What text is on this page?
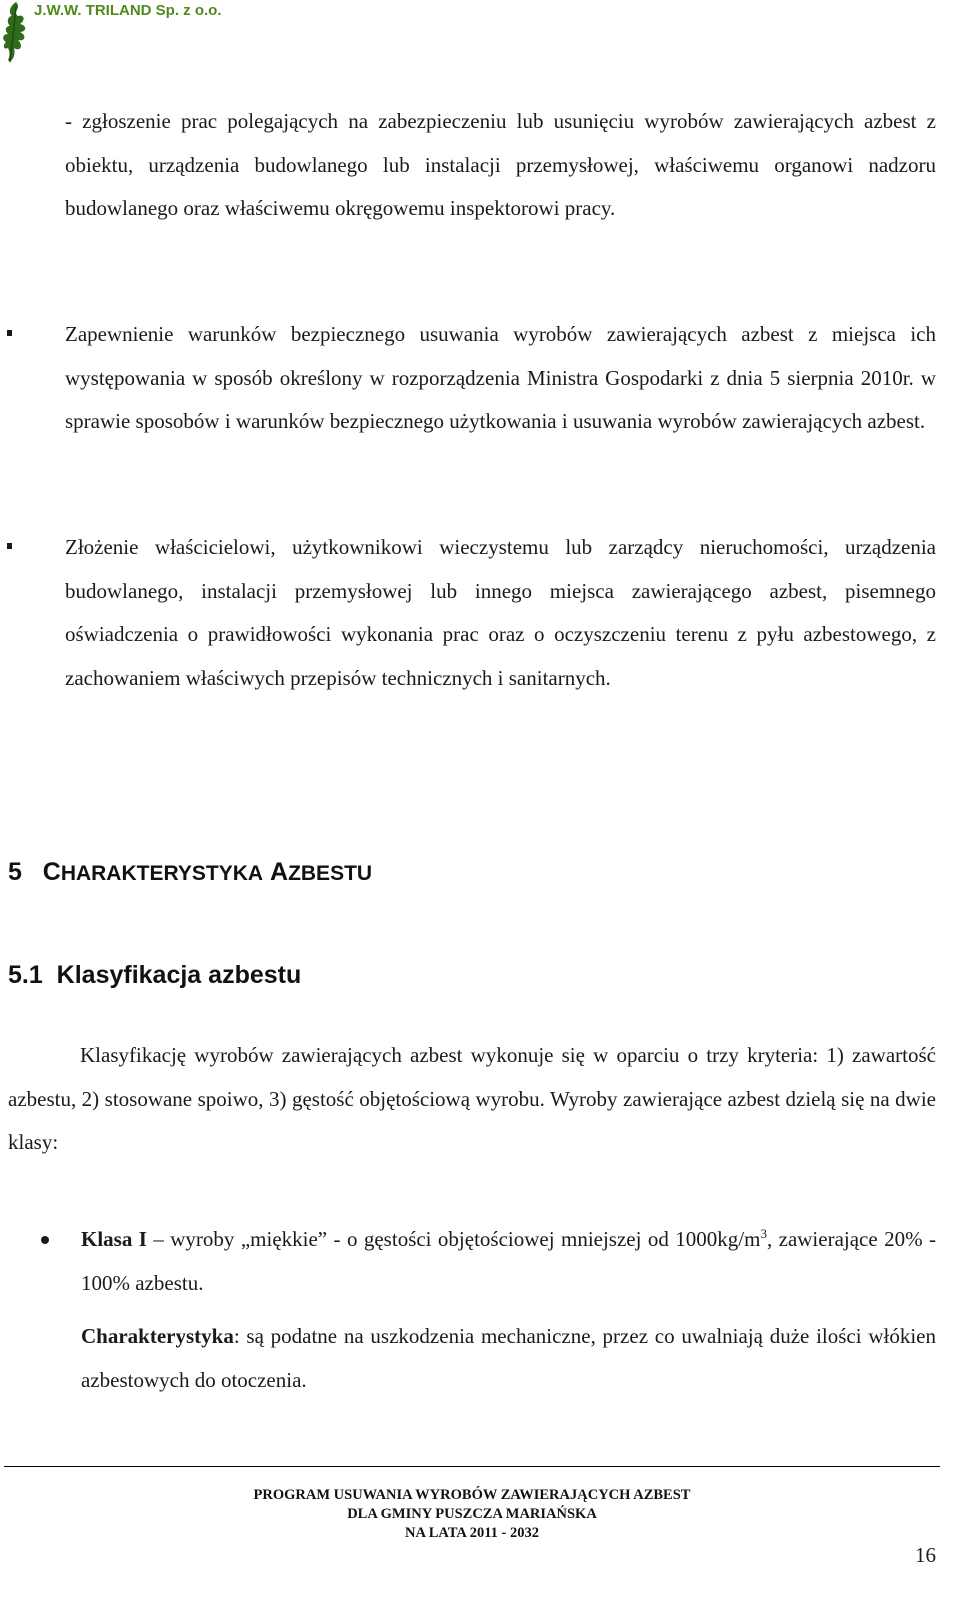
J.W.W. TRILAND Sp. z o.o.
- zgłoszenie prac polegających na zabezpieczeniu lub usunięciu wyrobów zawierających azbest z obiektu, urządzenia budowlanego lub instalacji przemysłowej, właściwemu organowi nadzoru budowlanego oraz właściwemu okręgowemu inspektorowi pracy.
Zapewnienie warunków bezpiecznego usuwania wyrobów zawierających azbest z miejsca ich występowania w sposób określony w rozporządzenia Ministra Gospodarki z dnia 5 sierpnia 2010r. w sprawie sposobów i warunków bezpiecznego użytkowania i usuwania wyrobów zawierających azbest.
Złożenie właścicielowi, użytkownikowi wieczystemu lub zarządcy nieruchomości, urządzenia budowlanego, instalacji przemysłowej lub innego miejsca zawierającego azbest, pisemnego oświadczenia o prawidłowości wykonania prac oraz o oczyszczeniu terenu z pyłu azbestowego, z zachowaniem właściwych przepisów technicznych i sanitarnych.
5 CHARAKTERYSTYKA AZBESTU
5.1 Klasyfikacja azbestu
Klasyfikację wyrobów zawierających azbest wykonuje się w oparciu o trzy kryteria: 1) zawartość azbestu, 2) stosowane spoiwo, 3) gęstość objętościową wyrobu. Wyroby zawierające azbest dzielą się na dwie klasy:
Klasa I – wyroby „miękkie” - o gęstości objętościowej mniejszej od $1000kg/m^3$, zawierające 20% - 100% azbestu.
Charakterystyka: są podatne na uszkodzenia mechaniczne, przez co uwalniają duże ilości włókien azbestowych do otoczenia.
PROGRAM USUWANIA WYROBÓW ZAWIERAJĄCYCH AZBEST
DLA GMINY PUSZCZA MARIAŃSKA
NA LATA 2011 - 2032
16
